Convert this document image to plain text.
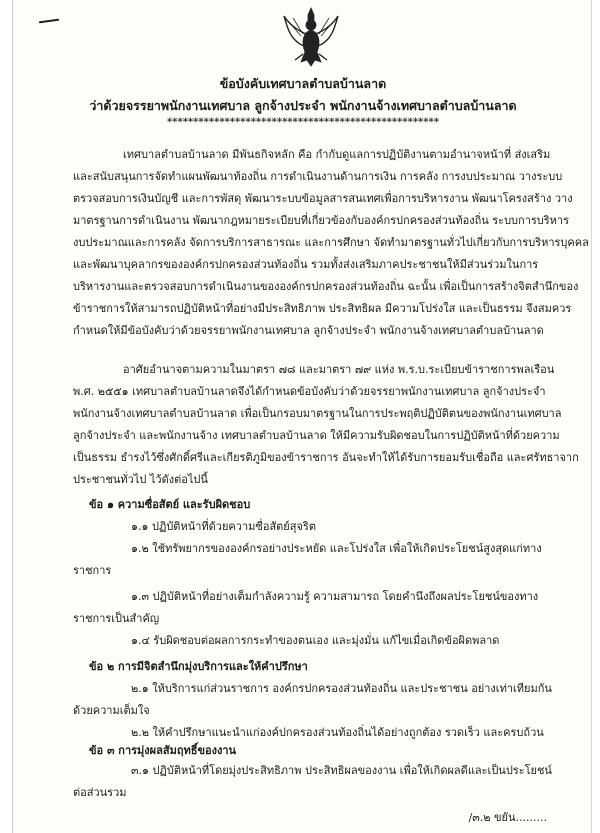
ข้อบังคับเทศบาลตำบลบ้านลาด
ว่าด้วยจรรยาพนักงานเทศบาล ลูกจ้างประจำ พนักงานจ้างเทศบาลตำบลบ้านลาด
****************************************************
เทศบาลตำบลบ้านลาด มีพันธกิจหลัก คือ กำกับดูแลการปฏิบัติงานตามอำนาจหน้าที่ ส่งเสริม
และสนับสนุนการจัดทำแผนพัฒนาท้องถิ่น การดำเนินงานด้านการเงิน การคลัง การงบประมาณ วางระบบ
ตรวจสอบการเงินบัญชี และการพัสดุ พัฒนาระบบข้อมูลสารสนเทศเพื่อการบริหารงาน พัฒนาโครงสร้าง วาง
มาตรฐานการดำเนินงาน พัฒนากฎหมายระเบียบที่เกี่ยวข้องกับองค์กรปกครองส่วนท้องถิ่น ระบบการบริหาร
งบประมาณและการคลัง จัดการบริการสาธารณะ และการศึกษา จัดทำมาตรฐานทั่วไปเกี่ยวกับการบริหารบุคคล
และพัฒนาบุคลากรขององค์กรปกครองส่วนท้องถิ่น รวมทั้งส่งเสริมภาคประชาชนให้มีส่วนร่วมในการ
บริหารงานและตรวจสอบการดำเนินงานขององค์กรปกครองส่วนท้องถิ่น ฉะนั้น เพื่อเป็นการสร้างจิตสำนึกของ
ข้าราชการให้สามารถปฏิบัติหน้าที่อย่างมีประสิทธิภาพ ประสิทธิผล มีความโปร่งใส และเป็นธรรม จึงสมควร
กำหนดให้มีข้อบังคับว่าด้วยจรรยาพนักงานเทศบาล ลูกจ้างประจำ พนักงานจ้างเทศบาลตำบลบ้านลาด
อาศัยอำนาจตามความในมาตรา ๗๘ และมาตรา ๗๙ แห่ง พ.ร.บ.ระเบียบข้าราชการพลเรือน
พ.ศ. ๒๕๕๑ เทศบาลตำบลบ้านลาดจึงได้กำหนดข้อบังคับว่าด้วยจรรยาพนักงานเทศบาล ลูกจ้างประจำ
พนักงานจ้างเทศบาลตำบลบ้านลาด เพื่อเป็นกรอบมาตรฐานในการประพฤติปฏิบัติตนของพนักงานเทศบาล
ลูกจ้างประจำ และพนักงานจ้าง เทศบาลตำบลบ้านลาด ให้มีความรับผิดชอบในการปฏิบัติหน้าที่ด้วยความ
เป็นธรรม ธำรงไว้ซึ่งศักดิ์ศรีและเกียรติภูมิของข้าราชการ อันจะทำให้ได้รับการยอมรับเชื่อถือ และศรัทธาจาก
ประชาชนทั่วไป ไว้ดังต่อไปนี้
ข้อ ๑ ความซื่อสัตย์ และรับผิดชอบ
๑.๑ ปฏิบัติหน้าที่ด้วยความซื่อสัตย์สุจริต
๑.๒ ใช้ทรัพยากรขององค์กรอย่างประหยัด และโปร่งใส เพื่อให้เกิดประโยชน์สูงสุดแก่ทาง
ราชการ
๑.๓ ปฏิบัติหน้าที่อย่างเต็มกำลังความรู้ ความสามารถ โดยคำนึงถึงผลประโยชน์ของทาง
ราชการเป็นสำคัญ
๑.๔ รับผิดชอบต่อผลการกระทำของตนเอง และมุ่งมั่น แก้ไขเมื่อเกิดข้อผิดพลาด
ข้อ ๒ การมีจิตสำนึกมุ่งบริการและให้คำปรึกษา
๒.๑ ให้บริการแก่ส่วนราชการ องค์กรปกครองส่วนท้องถิ่น และประชาชน อย่างเท่าเทียมกัน
ด้วยความเต็มใจ
๒.๒ ให้คำปรึกษาแนะนำแก่องค์ปกครองส่วนท้องถิ่นได้อย่างถูกต้อง รวดเร็ว และครบถ้วน
ข้อ ๓ การมุ่งผลสัมฤทธิ์ของงาน
๓.๑ ปฏิบัติหน้าที่โดยมุ่งประสิทธิภาพ ประสิทธิผลของงาน เพื่อให้เกิดผลดีและเป็นประโยชน์
ต่อส่วนรวม
/๓.๒ ขยัน.........
